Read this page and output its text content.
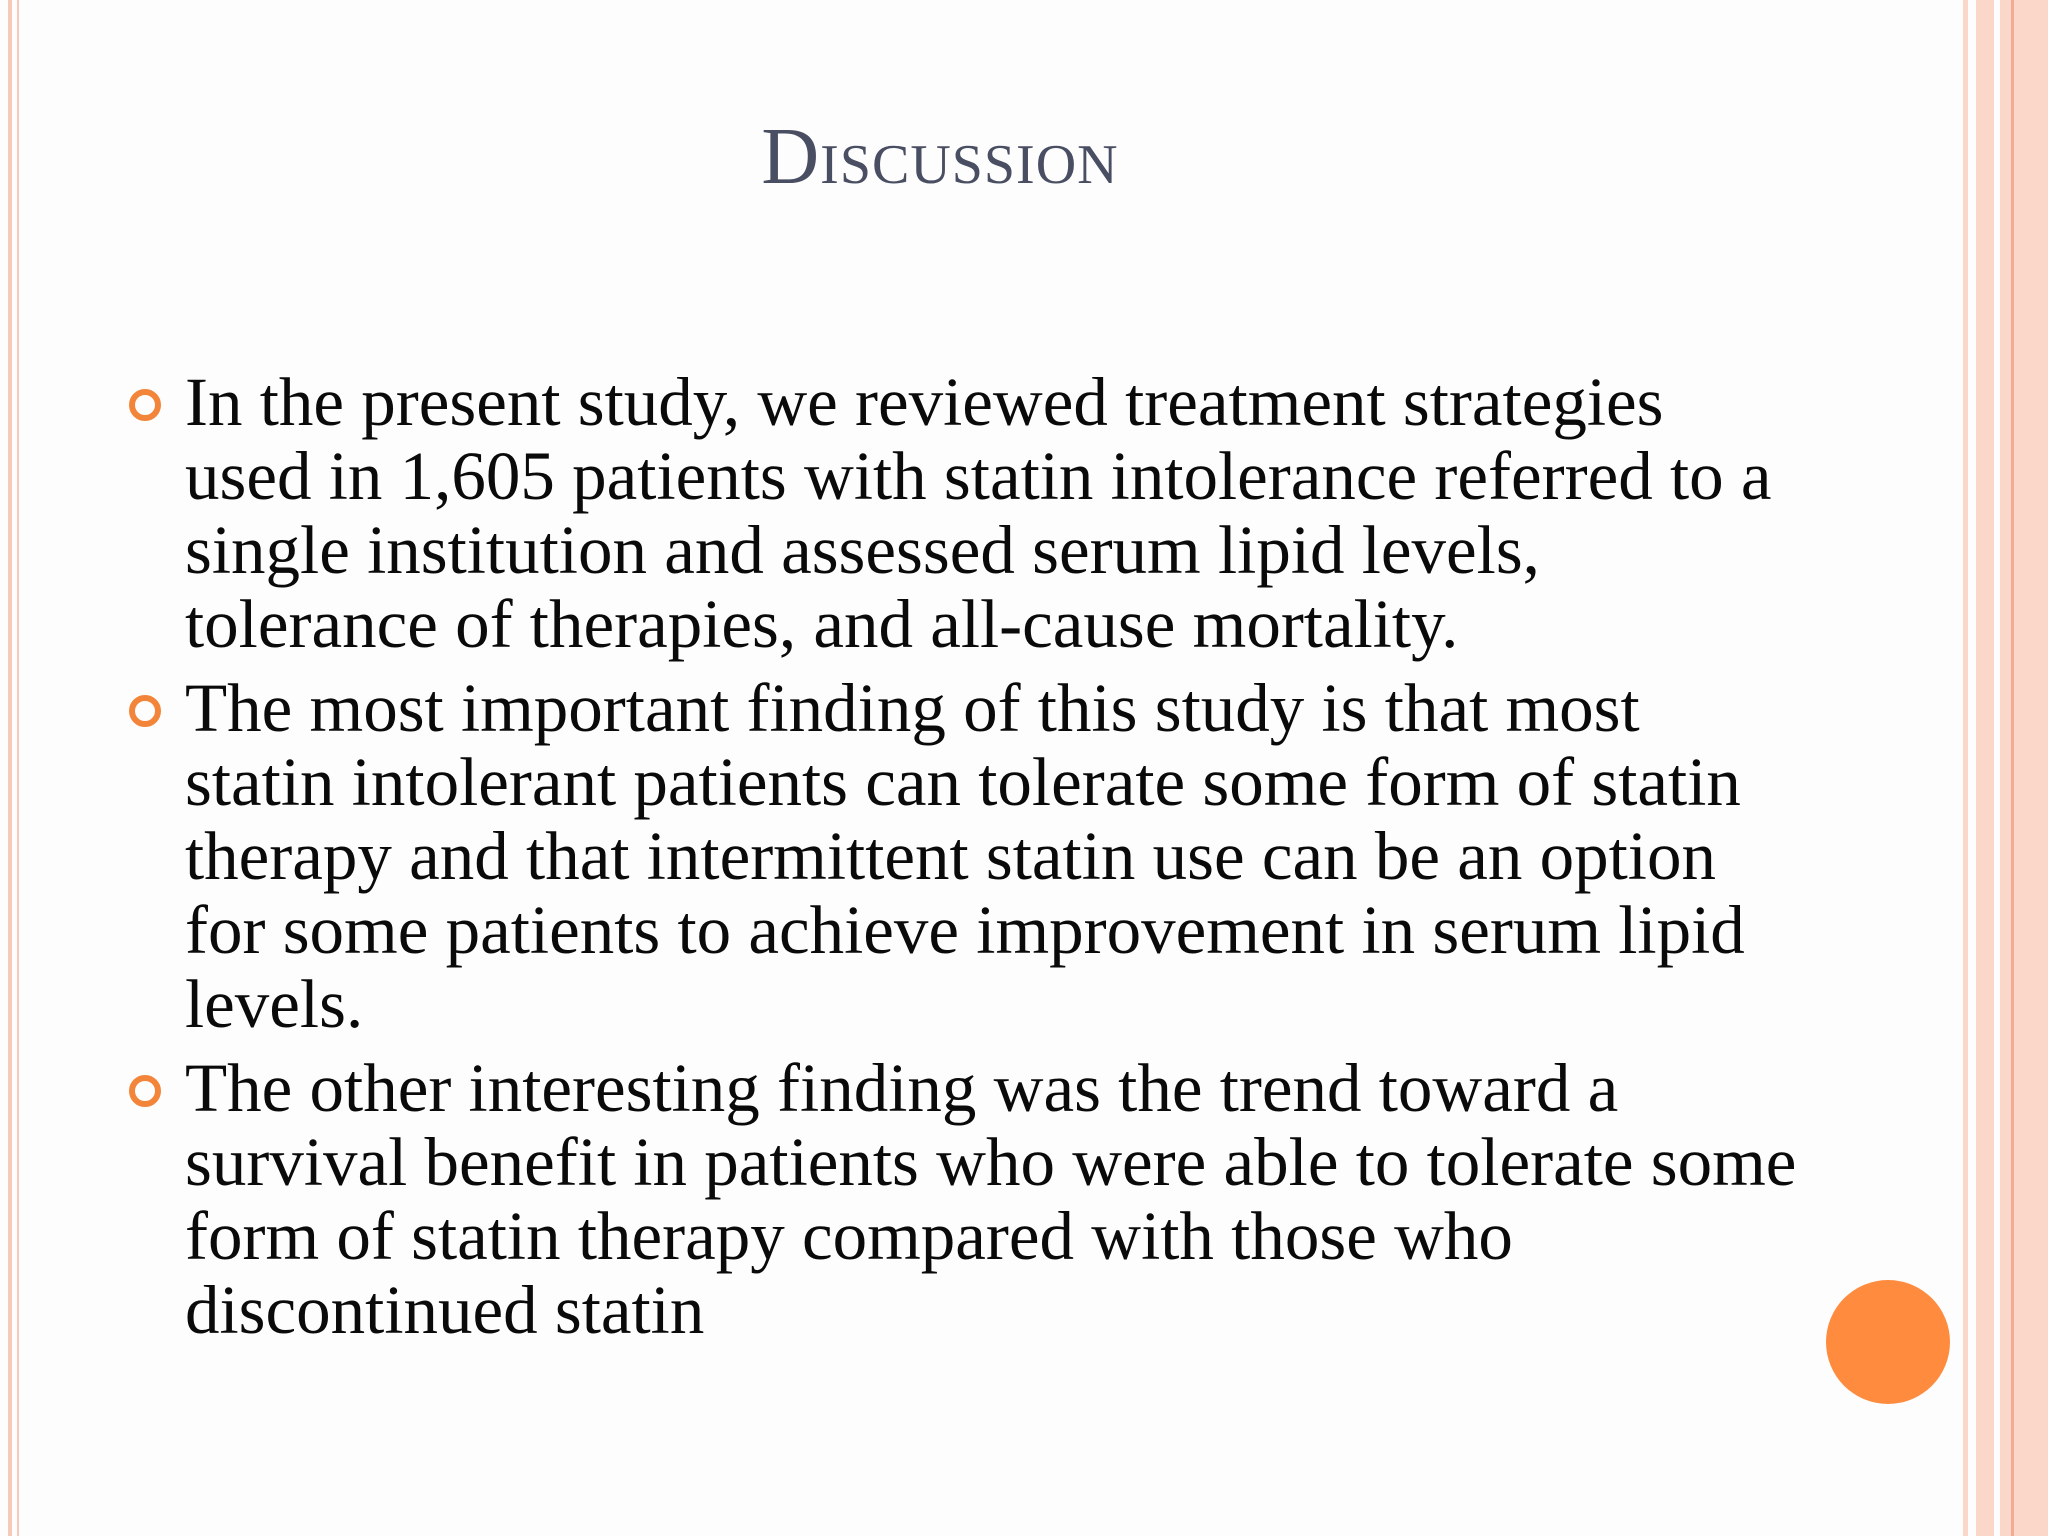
Discussion
In the present study, we reviewed treatment strategies used in 1,605 patients with statin intolerance referred to a single institution and assessed serum lipid levels, tolerance of therapies, and all-cause mortality.
The most important finding of this study is that most statin intolerant patients can tolerate some form of statin therapy and that intermittent statin use can be an option for some patients to achieve improvement in serum lipid levels.
The other interesting finding was the trend toward a survival benefit in patients who were able to tolerate some form of statin therapy compared with those who discontinued statin
